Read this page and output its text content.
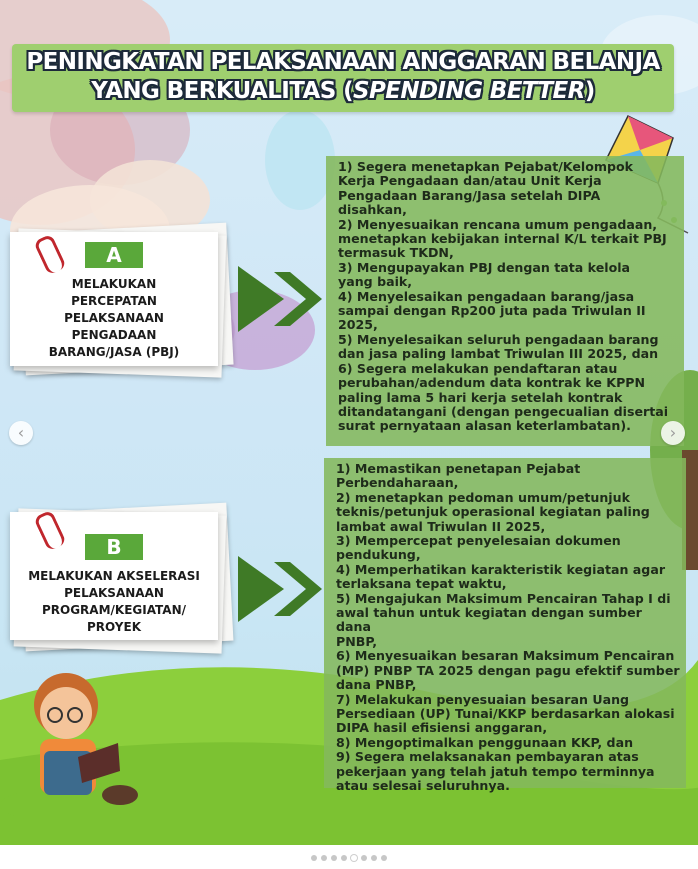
PENINGKATAN PELAKSANAAN ANGGARAN BELANJA
YANG BERKUALITAS (SPENDING BETTER)
A
MELAKUKAN
PERCEPATAN
PELAKSANAAN
PENGADAAN
BARANG/JASA (PBJ)
1) Segera menetapkan Pejabat/Kelompok
Kerja Pengadaan dan/atau Unit Kerja
Pengadaan Barang/Jasa setelah DIPA
disahkan,
2) Menyesuaikan rencana umum pengadaan,
menetapkan kebijakan internal K/L terkait PBJ
termasuk TKDN,
3) Mengupayakan PBJ dengan tata kelola
yang baik,
4) Menyelesaikan pengadaan barang/jasa
sampai dengan Rp200 juta pada Triwulan II
2025,
5) Menyelesaikan seluruh pengadaan barang
dan jasa paling lambat Triwulan III 2025, dan
6) Segera melakukan pendaftaran atau
perubahan/adendum data kontrak ke KPPN
paling lama 5 hari kerja setelah kontrak
ditandatangani (dengan pengecualian disertai
surat pernyataan alasan keterlambatan).
B
MELAKUKAN AKSELERASI
PELAKSANAAN
PROGRAM/KEGIATAN/
PROYEK
1) Memastikan penetapan Pejabat
Perbendaharaan,
2) menetapkan pedoman umum/petunjuk
teknis/petunjuk operasional kegiatan paling
lambat awal Triwulan II 2025,
3) Mempercepat penyelesaian dokumen
pendukung,
4) Memperhatikan karakteristik kegiatan agar
terlaksana tepat waktu,
5) Mengajukan Maksimum Pencairan Tahap I di
awal tahun untuk kegiatan dengan sumber dana
PNBP,
6) Menyesuaikan besaran Maksimum Pencairan
(MP) PNBP TA 2025 dengan pagu efektif sumber
dana PNBP,
7) Melakukan penyesuaian besaran Uang
Persediaan (UP) Tunai/KKP berdasarkan alokasi
DIPA hasil efisiensi anggaran,
8) Mengoptimalkan penggunaan KKP, dan
9) Segera melaksanakan pembayaran atas
pekerjaan yang telah jatuh tempo terminnya
atau selesai seluruhnya.
‹	›
